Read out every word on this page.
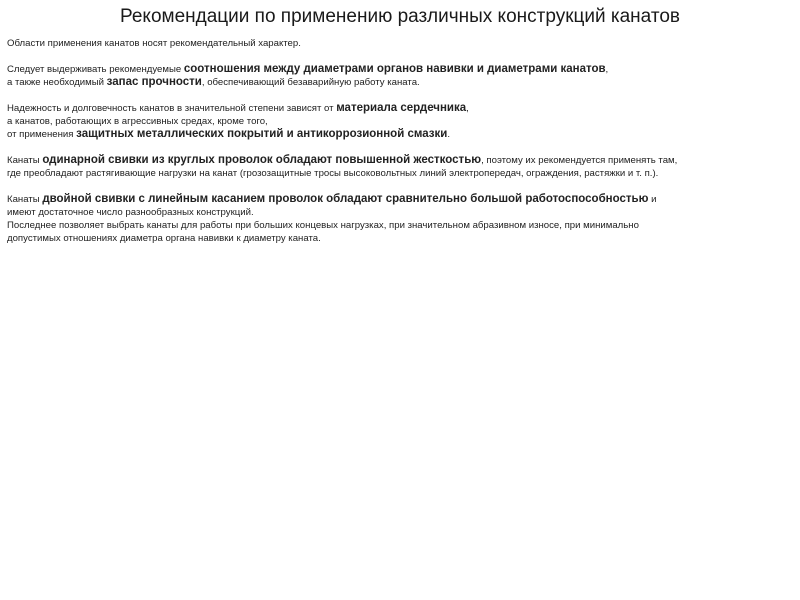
Рекомендации по применению различных конструкций канатов
Области применения канатов носят рекомендательный характер.
Следует выдерживать рекомендуемые соотношения между диаметрами органов навивки и диаметрами канатов,
а также необходимый запас прочности, обеспечивающий безаварийную работу каната.
Надежность и долговечность канатов в значительной степени зависят от материала сердечника,
а канатов, работающих в агрессивных средах, кроме того,
от применения защитных металлических покрытий и антикоррозионной смазки.
Канаты одинарной свивки из круглых проволок обладают повышенной жесткостью, поэтому их рекомендуется применять там,
где преобладают растягивающие нагрузки на канат (грозозащитные тросы высоковольтных линий электропередач, ограждения, растяжки и т. п.).
Канаты двойной свивки с линейным касанием проволок обладают сравнительно большой работоспособностью и
имеют достаточное число разнообразных конструкций.
Последнее позволяет выбрать канаты для работы при больших концевых нагрузках, при значительном абразивном износе, при минимально
допустимых отношениях диаметра органа навивки к диаметру каната.
